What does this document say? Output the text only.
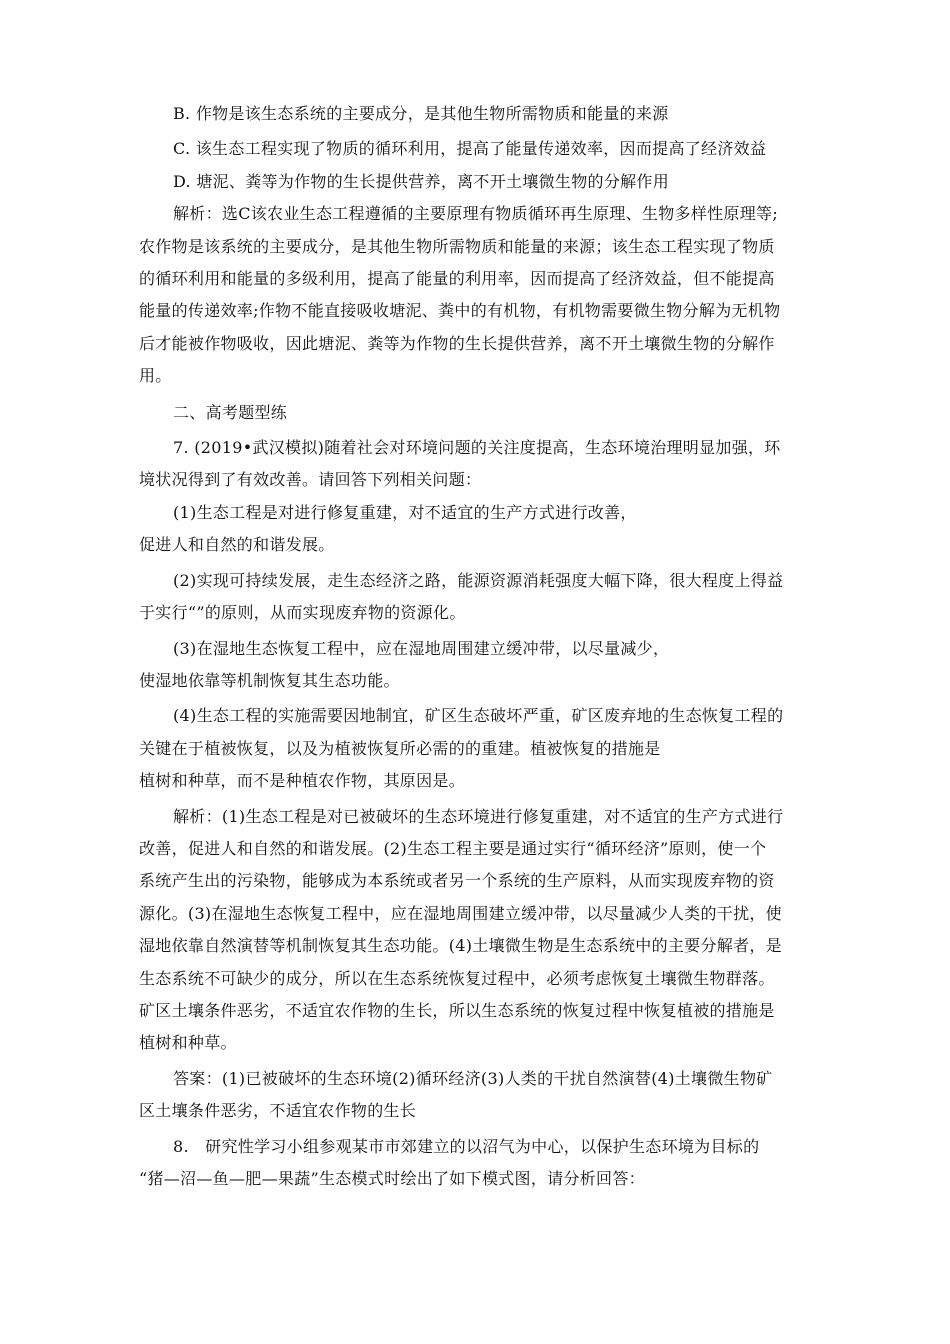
B. 作物是该生态系统的主要成分，是其他生物所需物质和能量的来源

C. 该生态工程实现了物质的循环利用，提高了能量传递效率，因而提高了经济效益

D. 塘泥、粪等为作物的生长提供营养，离不开土壤微生物的分解作用

解析：选C该农业生态工程遵循的主要原理有物质循环再生原理、生物多样性原理等;

农作物是该系统的主要成分，是其他生物所需物质和能量的来源；该生态工程实现了物质

的循环利用和能量的多级利用，提高了能量的利用率，因而提高了经济效益，但不能提高

能量的传递效率;作物不能直接吸收塘泥、粪中的有机物，有机物需要微生物分解为无机物

后才能被作物吸收，因此塘泥、粪等为作物的生长提供营养，离不开土壤微生物的分解作

用。

二、高考题型练

7. (2019•武汉模拟)随着社会对环境问题的关注度提高，生态环境治理明显加强，环

境状况得到了有效改善。请回答下列相关问题：

(1)生态工程是对进行修复重建，对不适宜的生产方式进行改善，

促进人和自然的和谐发展。

(2)实现可持续发展，走生态经济之路，能源资源消耗强度大幅下降，很大程度上得益

于实行“”的原则，从而实现废弃物的资源化。

(3)在湿地生态恢复工程中，应在湿地周围建立缓冲带，以尽量减少，

使湿地依靠等机制恢复其生态功能。

(4)生态工程的实施需要因地制宜，矿区生态破坏严重，矿区废弃地的生态恢复工程的

关键在于植被恢复，以及为植被恢复所必需的的重建。植被恢复的措施是

植树和种草，而不是种植农作物，其原因是。

解析：(1)生态工程是对已被破坏的生态环境进行修复重建，对不适宜的生产方式进行

改善，促进人和自然的和谐发展。(2)生态工程主要是通过实行“循环经济”原则，使一个

系统产生出的污染物，能够成为本系统或者另一个系统的生产原料，从而实现废弃物的资

源化。(3)在湿地生态恢复工程中，应在湿地周围建立缓冲带，以尽量减少人类的干扰，使

湿地依靠自然演替等机制恢复其生态功能。(4)土壤微生物是生态系统中的主要分解者，是

生态系统不可缺少的成分，所以在生态系统恢复过程中，必须考虑恢复土壤微生物群落。

矿区土壤条件恶劣，不适宜农作物的生长，所以生态系统的恢复过程中恢复植被的措施是

植树和种草。

答案：(1)已被破坏的生态环境(2)循环经济(3)人类的干扰自然演替(4)土壤微生物矿

区土壤条件恶劣，不适宜农作物的生长

8.　研究性学习小组参观某市市郊建立的以沼气为中心，以保护生态环境为目标的

“猪—沼—鱼—肥—果蔬”生态模式时绘出了如下模式图，请分析回答：
